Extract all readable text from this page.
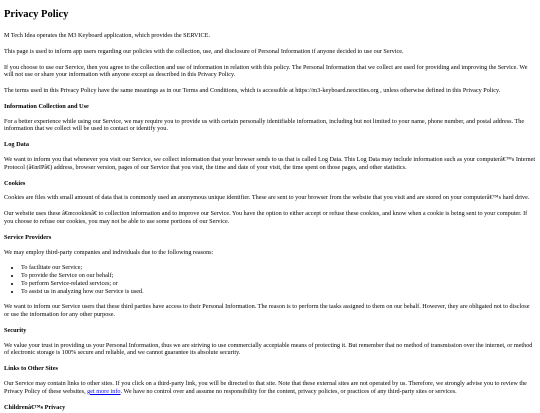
Privacy Policy

M Tech Idea operates the M3 Keyboard application, which provides the SERVICE.

This page is used to inform app users regarding our policies with the collection, use, and disclosure of Personal Information if anyone decided to use our Service.

If you choose to use our Service, then you agree to the collection and use of information in relation with this policy. The Personal Information that we collect are used for providing and improving the Service. We will not use or share your information with anyone except as described in this Privacy Policy.

The terms used in this Privacy Policy have the same meanings as in our Terms and Conditions, which is accessible at https://m3-keyboard.neocities.org , unless otherwise defined in this Privacy Policy.

Information Collection and Use

For a better experience while using our Service, we may require you to provide us with certain personally identifiable information, including but not limited to your name, phone number, and postal address. The information that we collect will be used to contact or identify you.

Log Data

We want to inform you that whenever you visit our Service, we collect information that your browser sends to us that is called Log Data. This Log Data may include information such as your computerâ€™s Internet Protocol (â€œIPâ€) address, browser version, pages of our Service that you visit, the time and date of your visit, the time spent on those pages, and other statistics.

Cookies

Cookies are files with small amount of data that is commonly used an anonymous unique identifier. These are sent to your browser from the website that you visit and are stored on your computerâ€™s hard drive.

Our website uses these â€œcookiesâ€ to collection information and to improve our Service. You have the option to either accept or refuse these cookies, and know when a cookie is being sent to your computer. If you choose to refuse our cookies, you may not be able to use some portions of our Service.

Service Providers

We may employ third-party companies and individuals due to the following reasons:

• To facilitate our Service;
• To provide the Service on our behalf;
• To perform Service-related services; or
• To assist us in analyzing how our Service is used.

We want to inform our Service users that these third parties have access to their Personal Information. The reason is to perform the tasks assigned to them on our behalf. However, they are obligated not to disclose or use the information for any other purpose.

Security

We value your trust in providing us your Personal Information, thus we are striving to use commercially acceptable means of protecting it. But remember that no method of transmission over the internet, or method of electronic storage is 100% secure and reliable, and we cannot guarantee its absolute security.

Links to Other Sites

Our Service may contain links to other sites. If you click on a third-party link, you will be directed to that site. Note that these external sites are not operated by us. Therefore, we strongly advise you to review the Privacy Policy of these websites, get more info. We have no control over and assume no responsibility for the content, privacy policies, or practices of any third-party sites or services.

Childrenâ€™s Privacy
